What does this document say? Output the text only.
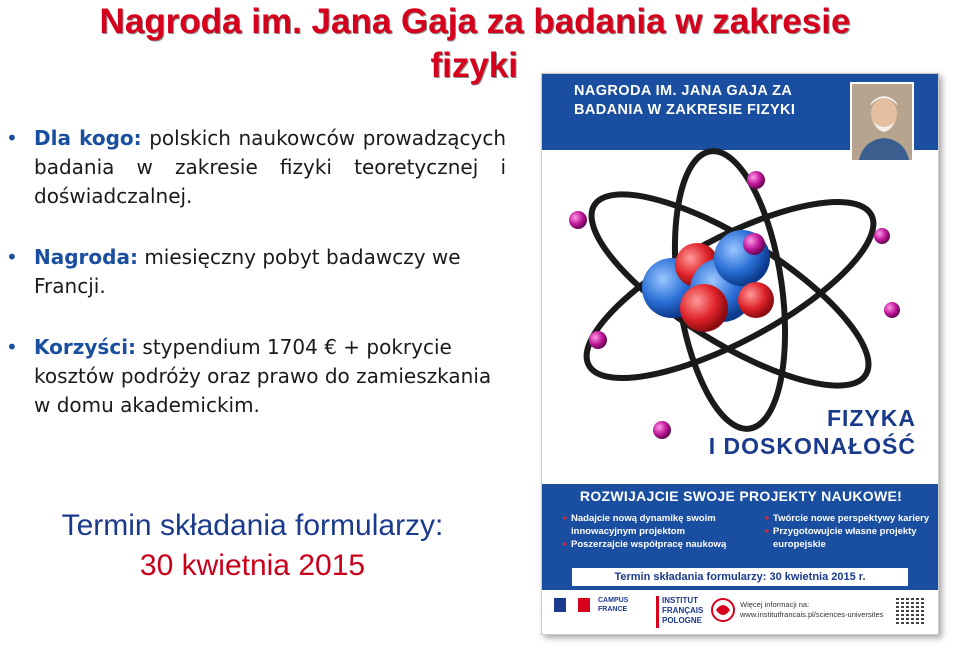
Nagroda im. Jana Gaja za badania w zakresie
fizyki

• Dla kogo: polskich naukowców prowadzących badania w zakresie fizyki teoretycznej i doświadczalnej.

• Nagroda: miesięczny pobyt badawczy we Francji.

• Korzyści: stypendium 1704 € + pokrycie kosztów podróży oraz prawo do zamieszkania w domu akademickim.

Termin składania formularzy:
30 kwietnia 2015
NAGRODA IM. JANA GAJA ZA BADANIA W ZAKRESIE FIZYKI
FIZYKA
I DOSKONAŁOŚĆ
ROZWIJAJCIE SWOJE PROJEKTY NAUKOWE!
► Nadajcie nową dynamikę swoim innowacyjnym projektom
► Poszerzajcie współpracę naukową
► Twórcie nowe perspektywy kariery
► Przygotowujcie własne projekty europejskie
Termin składania formularzy: 30 kwietnia 2015 r.
CAMPUS FRANCE
INSTITUT FRANÇAIS
POLOGNE
Więcej informacji na: www.institutfrancais.pl/sciences-universites
